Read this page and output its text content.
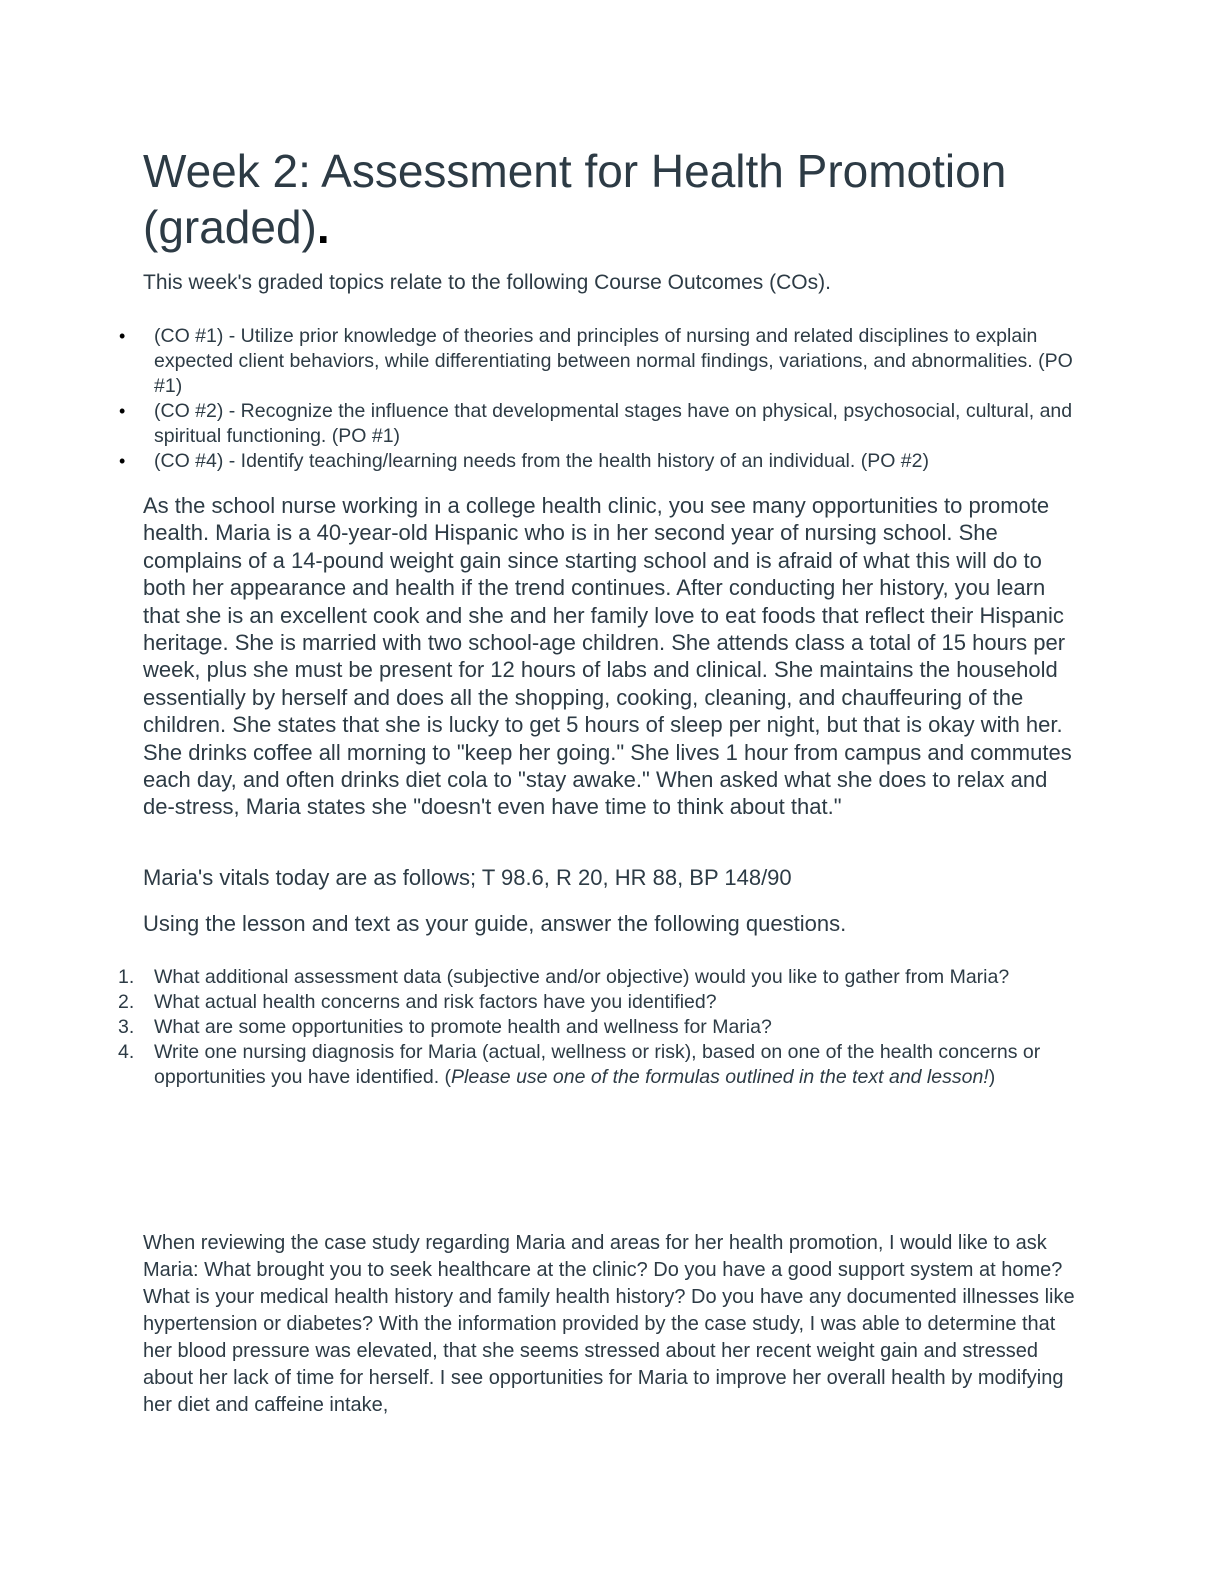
Week 2: Assessment for Health Promotion (graded).

This week's graded topics relate to the following Course Outcomes (COs).

• (CO #1) - Utilize prior knowledge of theories and principles of nursing and related disciplines to explain expected client behaviors, while differentiating between normal findings, variations, and abnormalities. (PO #1)
• (CO #2) - Recognize the influence that developmental stages have on physical, psychosocial, cultural, and spiritual functioning. (PO #1)
• (CO #4) - Identify teaching/learning needs from the health history of an individual. (PO #2)

As the school nurse working in a college health clinic, you see many opportunities to promote health. Maria is a 40-year-old Hispanic who is in her second year of nursing school. She complains of a 14-pound weight gain since starting school and is afraid of what this will do to both her appearance and health if the trend continues. After conducting her history, you learn that she is an excellent cook and she and her family love to eat foods that reflect their Hispanic heritage. She is married with two school-age children. She attends class a total of 15 hours per week, plus she must be present for 12 hours of labs and clinical. She maintains the household essentially by herself and does all the shopping, cooking, cleaning, and chauffeuring of the children. She states that she is lucky to get 5 hours of sleep per night, but that is okay with her. She drinks coffee all morning to "keep her going." She lives 1 hour from campus and commutes each day, and often drinks diet cola to "stay awake." When asked what she does to relax and de-stress, Maria states she "doesn't even have time to think about that."

Maria's vitals today are as follows; T 98.6, R 20, HR 88, BP 148/90

Using the lesson and text as your guide, answer the following questions.

1. What additional assessment data (subjective and/or objective) would you like to gather from Maria?
2. What actual health concerns and risk factors have you identified?
3. What are some opportunities to promote health and wellness for Maria?
4. Write one nursing diagnosis for Maria (actual, wellness or risk), based on one of the health concerns or opportunities you have identified. (Please use one of the formulas outlined in the text and lesson!)

When reviewing the case study regarding Maria and areas for her health promotion, I would like to ask Maria: What brought you to seek healthcare at the clinic? Do you have a good support system at home? What is your medical health history and family health history? Do you have any documented illnesses like hypertension or diabetes? With the information provided by the case study, I was able to determine that her blood pressure was elevated, that she seems stressed about her recent weight gain and stressed about her lack of time for herself. I see opportunities for Maria to improve her overall health by modifying her diet and caffeine intake,
